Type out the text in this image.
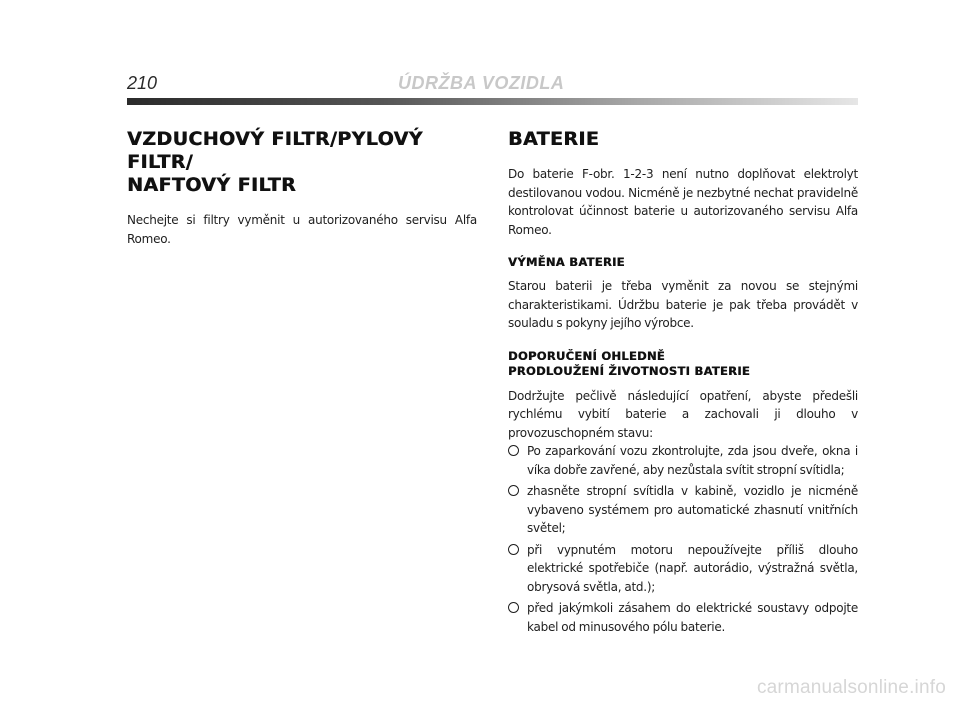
210	ÚDRŽBA VOZIDLA
VZDUCHOVÝ FILTR/PYLOVÝ FILTR/
NAFTOVÝ FILTR

Nechejte si filtry vyměnit u autorizovaného servisu Alfa Romeo.

BATERIE

Do baterie F-obr. 1-2-3 není nutno doplňovat elektrolyt destilovanou vodou. Nicméně je nezbytné nechat pravidelně kontrolovat účinnost baterie u autorizovaného servisu Alfa Romeo.

VÝMĚNA BATERIE

Starou baterii je třeba vyměnit za novou se stejnými charakteristikami. Údržbu baterie je pak třeba provádět v souladu s pokyny jejího výrobce.

DOPORUČENÍ OHLEDNĚ
PRODLOUŽENÍ ŽIVOTNOSTI BATERIE

Dodržujte pečlivě následující opatření, abyste předešli rychlému vybití baterie a zachovali ji dlouho v provozuschopném stavu:

Po zaparkování vozu zkontrolujte, zda jsou dveře, okna i víka dobře zavřené, aby nezůstala svítit stropní svítidla;
zhasněte stropní svítidla v kabině, vozidlo je nicméně vybaveno systémem pro automatické zhasnutí vnitřních světel;
při vypnutém motoru nepoužívejte příliš dlouho elektrické spotřebiče (např. autorádio, výstražná světla, obrysová světla, atd.);
před jakýmkoli zásahem do elektrické soustavy odpojte kabel od minusového pólu baterie.
carmanualsonline.info
